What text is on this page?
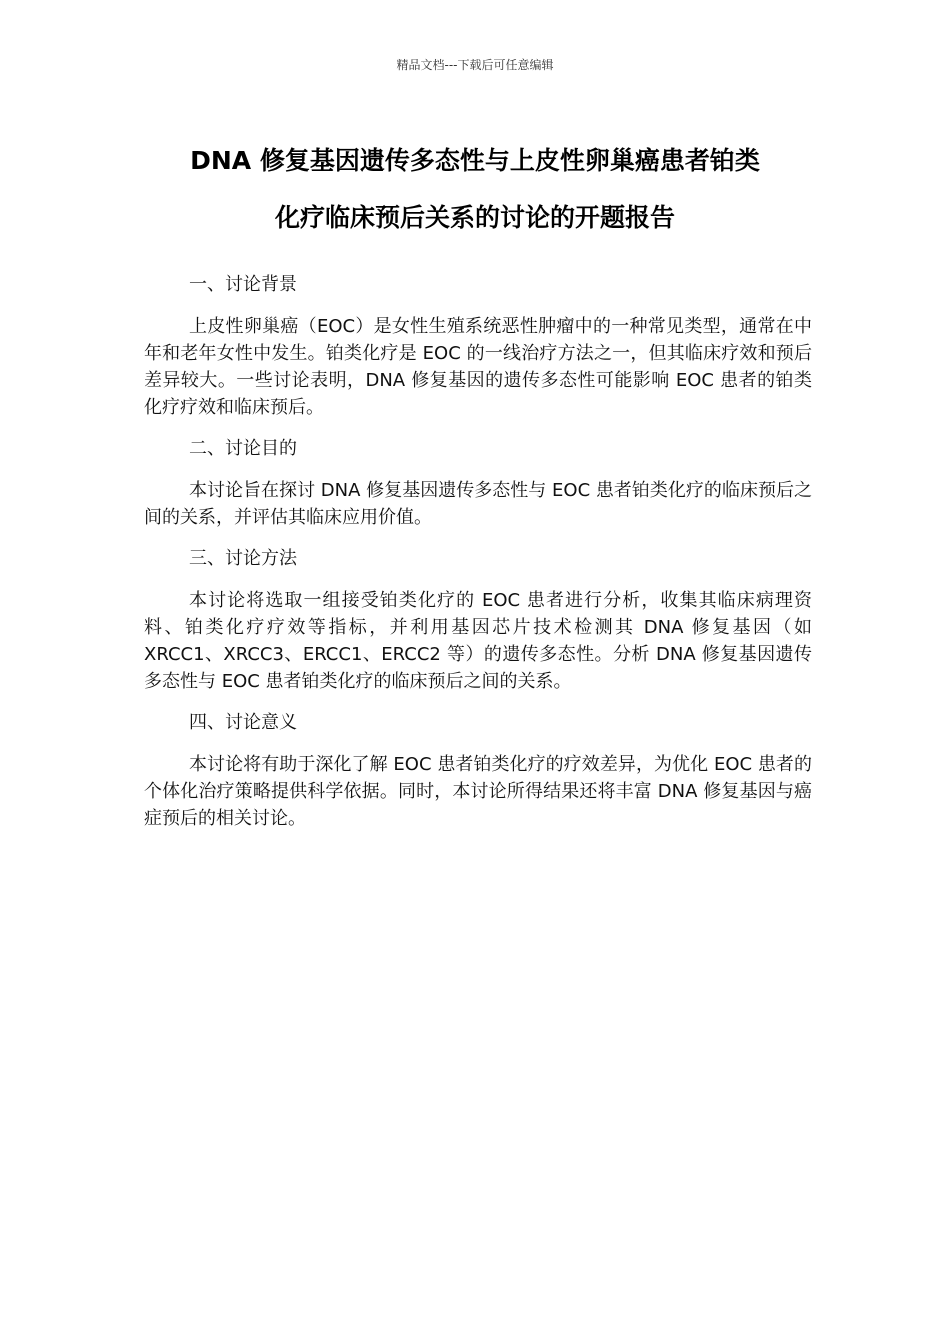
精品文档---下载后可任意编辑
DNA 修复基因遗传多态性与上皮性卵巢癌患者铂类
化疗临床预后关系的讨论的开题报告

一、讨论背景

上皮性卵巢癌（EOC）是女性生殖系统恶性肿瘤中的一种常见类型，通常在中年和老年女性中发生。铂类化疗是 EOC 的一线治疗方法之一，但其临床疗效和预后差异较大。一些讨论表明，DNA 修复基因的遗传多态性可能影响 EOC 患者的铂类化疗疗效和临床预后。

二、讨论目的

本讨论旨在探讨 DNA 修复基因遗传多态性与 EOC 患者铂类化疗的临床预后之间的关系，并评估其临床应用价值。

三、讨论方法

本讨论将选取一组接受铂类化疗的 EOC 患者进行分析，收集其临床病理资料、铂类化疗疗效等指标，并利用基因芯片技术检测其 DNA 修复基因（如 XRCC1、XRCC3、ERCC1、ERCC2 等）的遗传多态性。分析 DNA 修复基因遗传多态性与 EOC 患者铂类化疗的临床预后之间的关系。

四、讨论意义

本讨论将有助于深化了解 EOC 患者铂类化疗的疗效差异，为优化 EOC 患者的个体化治疗策略提供科学依据。同时，本讨论所得结果还将丰富 DNA 修复基因与癌症预后的相关讨论。
